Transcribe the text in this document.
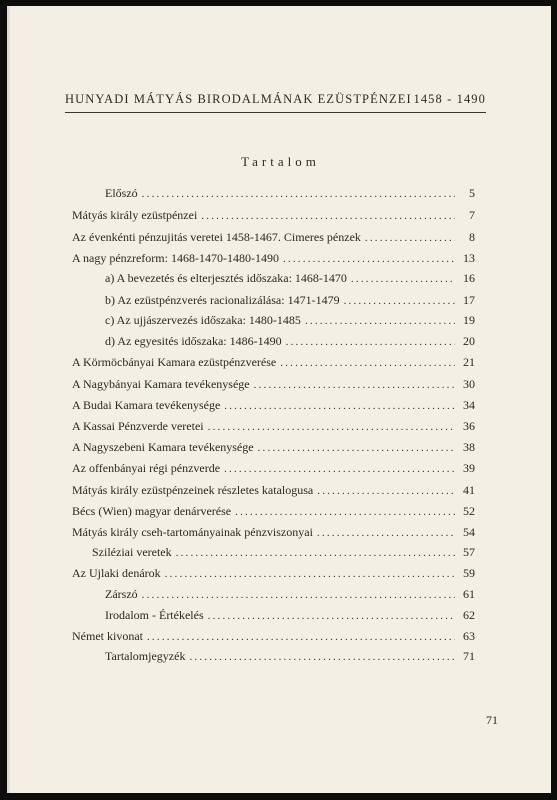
HUNYADI MÁTYÁS BIRODALMÁNAK EZÜSTPÉNZEI 1458 - 1490
Tartalom
Előszó .....	5
Mátyás király ezüstpénzei .....	7
Az évenkénti pénzujitás veretei 1458-1467. Cimeres pénzek .....	8
A nagy pénzreform: 1468-1470-1480-1490 .....	13
a) A bevezetés és elterjesztés időszaka: 1468-1470 .....	16
b) Az ezüstpénzverés racionalizálása: 1471-1479 .....	17
c) Az ujjászervezés időszaka: 1480-1485 .....	19
d) Az egyesités időszaka: 1486-1490 .....	20
A Körmöcbányai Kamara ezüstpénzverése .....	21
A Nagybányai Kamara tevékenysége .....	30
A Budai Kamara tevékenysége .....	34
A Kassai Pénzverde veretei .....	36
A Nagyszebeni Kamara tevékenysége .....	38
Az offenbányai régi pénzverde .....	39
Mátyás király ezüstpénzeinek részletes katalogusa .....	41
Bécs (Wien) magyar denárverése .....	52
Mátyás király cseh-tartományainak pénzviszonyai .....	54
Sziléziai veretek .....	57
Az Ujlaki denárok .....	59
Zárszó .....	61
Irodalom - Értékelés .....	62
Német kivonat .....	63
Tartalomjegyzék .....	71
71
